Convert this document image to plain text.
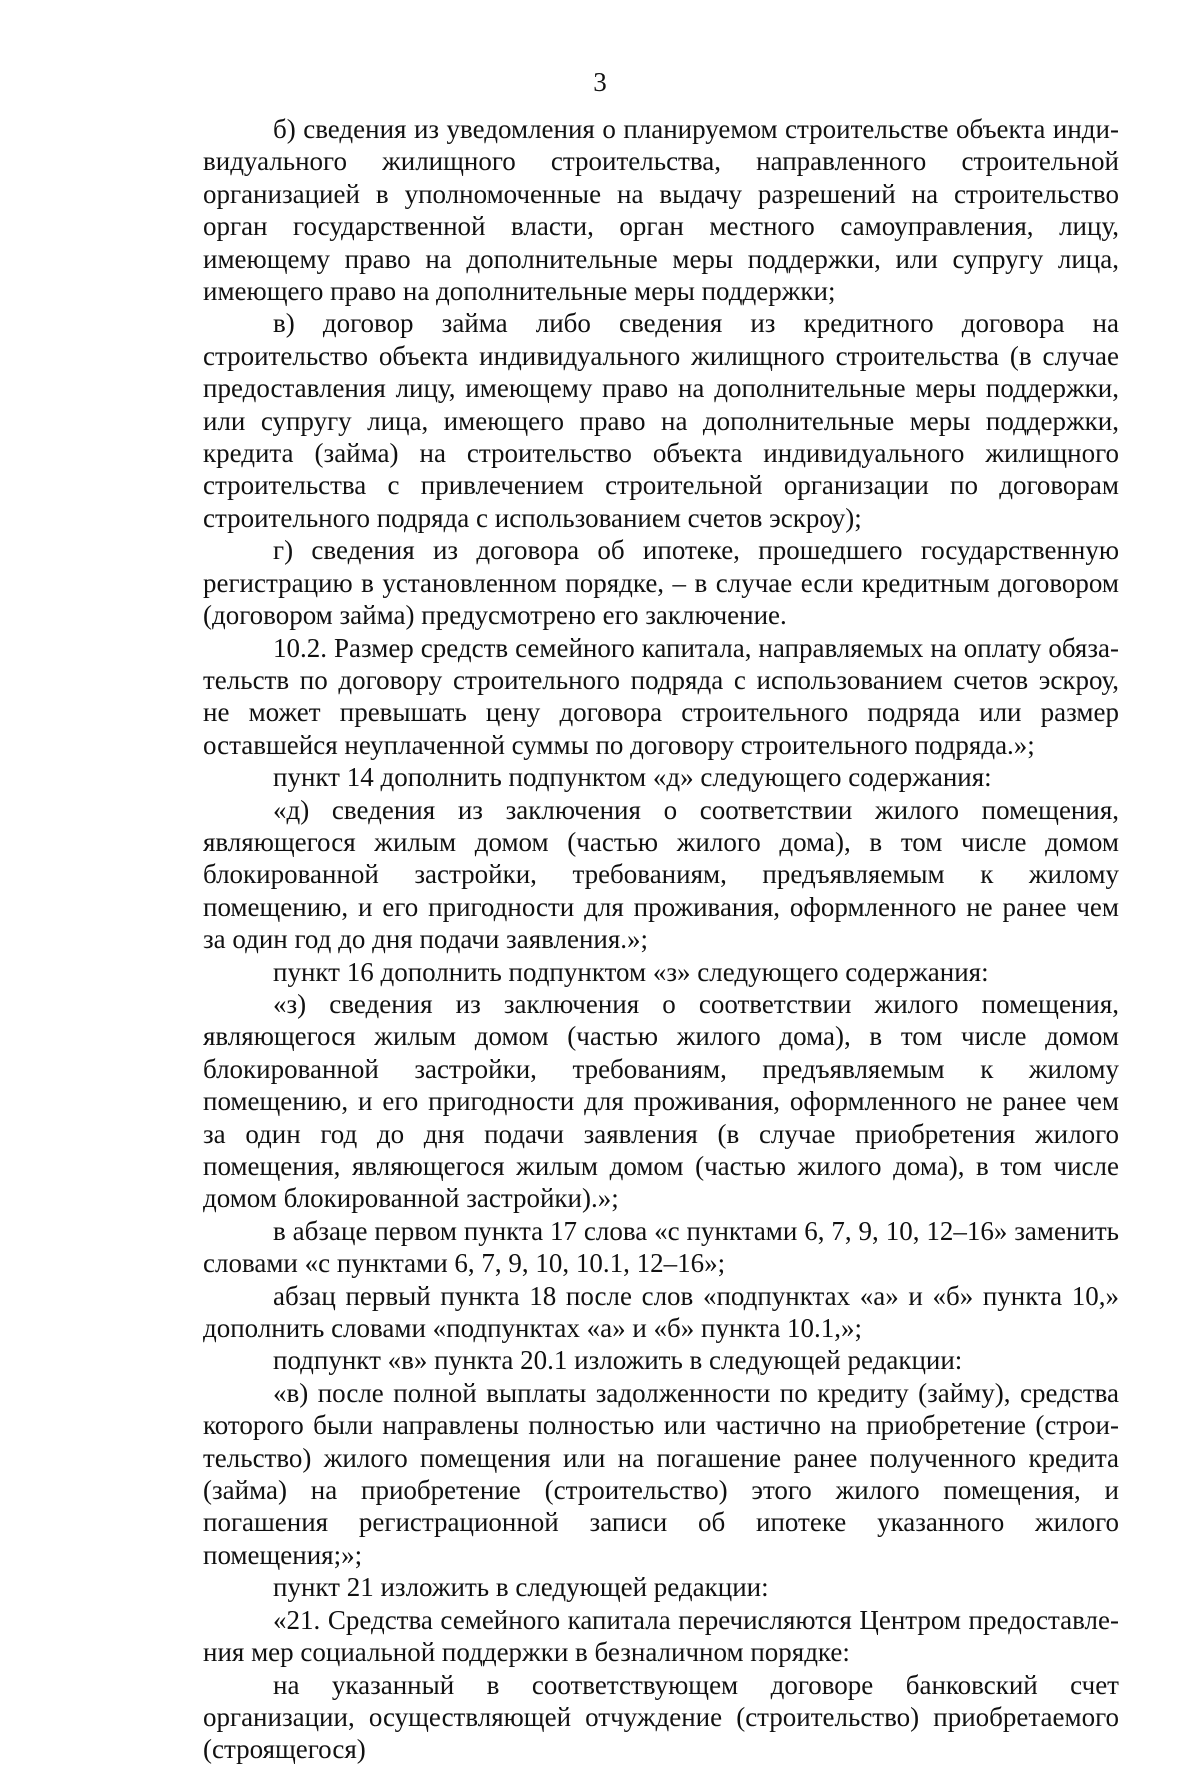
3

б) сведения из уведомления о планируемом строительстве объекта индивидуального жилищного строительства, направленного строительной организацией в уполномоченные на выдачу разрешений на строительство орган государственной власти, орган местного самоуправления, лицу, имеющему право на дополнительные меры поддержки, или супругу лица, имеющего право на дополнительные меры поддержки;

в) договор займа либо сведения из кредитного договора на строительство объекта индивидуального жилищного строительства (в случае предоставления лицу, имеющему право на дополнительные меры поддержки, или супругу лица, имеющего право на дополнительные меры поддержки, кредита (займа) на строительство объекта индивидуального жилищного строительства с привлечением строительной организации по договорам строительного подряда с использованием счетов эскроу);

г) сведения из договора об ипотеке, прошедшего государственную регистрацию в установленном порядке, – в случае если кредитным договором (договором займа) предусмотрено его заключение.

10.2. Размер средств семейного капитала, направляемых на оплату обязательств по договору строительного подряда с использованием счетов эскроу, не может превышать цену договора строительного подряда или размер оставшейся неуплаченной суммы по договору строительного подряда.»;

пункт 14 дополнить подпунктом «д» следующего содержания:

«д) сведения из заключения о соответствии жилого помещения, являющегося жилым домом (частью жилого дома), в том числе домом блокированной застройки, требованиям, предъявляемым к жилому помещению, и его пригодности для проживания, оформленного не ранее чем за один год до дня подачи заявления.»;

пункт 16 дополнить подпунктом «з» следующего содержания:

«з) сведения из заключения о соответствии жилого помещения, являющегося жилым домом (частью жилого дома), в том числе домом блокированной застройки, требованиям, предъявляемым к жилому помещению, и его пригодности для проживания, оформленного не ранее чем за один год до дня подачи заявления (в случае приобретения жилого помещения, являющегося жилым домом (частью жилого дома), в том числе домом блокированной застройки).»;

в абзаце первом пункта 17 слова «с пунктами 6, 7, 9, 10, 12–16» заменить словами «с пунктами 6, 7, 9, 10, 10.1, 12–16»;

абзац первый пункта 18 после слов «подпунктах «а» и «б» пункта 10,» дополнить словами «подпунктах «а» и «б» пункта 10.1,»;

подпункт «в» пункта 20.1 изложить в следующей редакции:

«в) после полной выплаты задолженности по кредиту (займу), средства которого были направлены полностью или частично на приобретение (строительство) жилого помещения или на погашение ранее полученного кредита (займа) на приобретение (строительство) этого жилого помещения, и погашения регистрационной записи об ипотеке указанного жилого помещения;»;

пункт 21 изложить в следующей редакции:

«21. Средства семейного капитала перечисляются Центром предоставления мер социальной поддержки в безналичном порядке:

на указанный в соответствующем договоре банковский счет организации, осуществляющей отчуждение (строительство) приобретаемого (строящегося)
